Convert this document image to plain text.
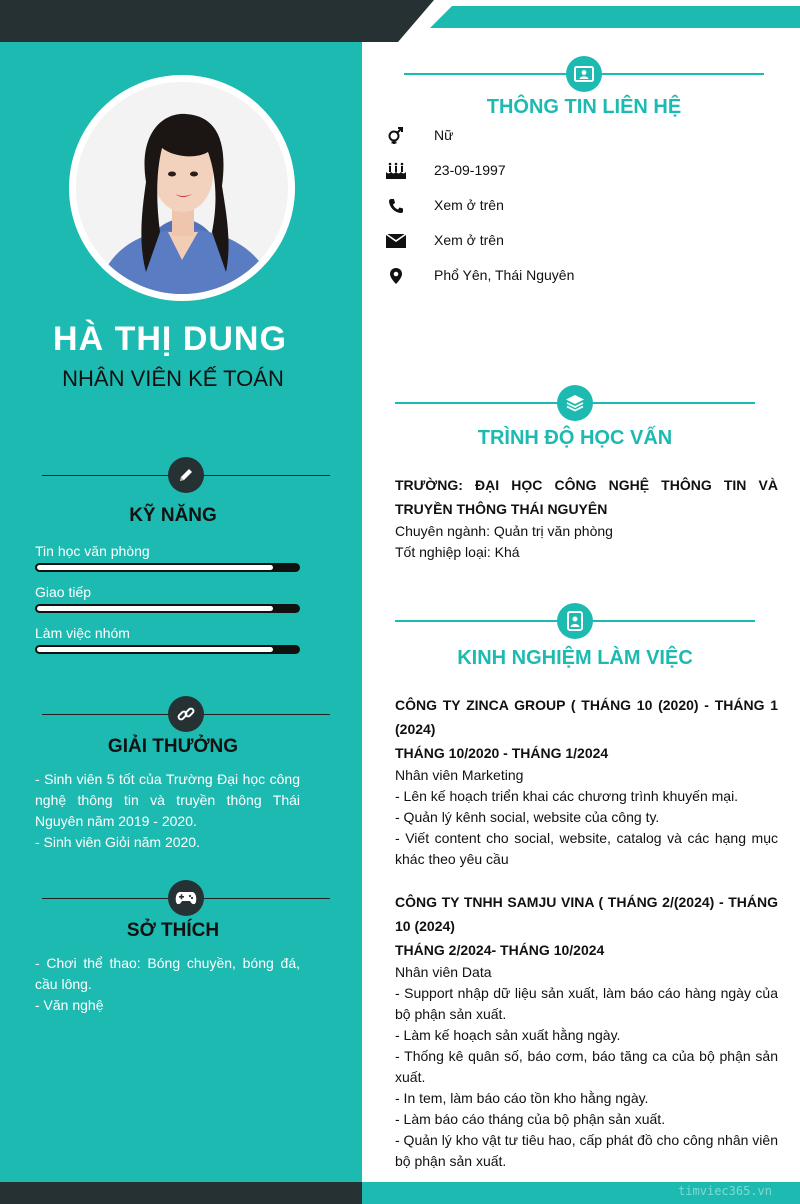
timviec365.vn
HÀ THỊ DUNG
NHÂN VIÊN KẾ TOÁN
KỸ NĂNG
Tin học văn phòng
Giao tiếp
Làm việc nhóm
GIẢI THƯỞNG

- Sinh viên 5 tốt của Trường Đại học công nghệ thông tin và truyền thông Thái Nguyên năm 2019 - 2020.

- Sinh viên Giỏi năm 2020.

SỞ THÍCH

- Chơi thể thao: Bóng chuyền, bóng đá, cầu lông.

- Văn nghệ

THÔNG TIN LIÊN HỆ
Nữ
23-09-1997
Xem ở trên
Xem ở trên
Phổ Yên, Thái Nguyên
TRÌNH ĐỘ HỌC VẤN
TRƯỜNG: ĐẠI HỌC CÔNG NGHỆ THÔNG TIN VÀ TRUYỀN THÔNG THÁI NGUYÊN

Chuyên ngành: Quản trị văn phòng

Tốt nghiệp loại: Khá

KINH NGHIỆM LÀM VIỆC
CÔNG TY ZINCA GROUP ( THÁNG 10 (2020) - THÁNG 1 (2024)
THÁNG 10/2020 - THÁNG 1/2024

Nhân viên Marketing

- Lên kế hoạch triển khai các chương trình khuyến mại.

- Quản lý kênh social, website của công ty.

- Viết content cho social, website, catalog và các hạng mục khác theo yêu cầu

CÔNG TY TNHH SAMJU VINA ( THÁNG 2/(2024) - THÁNG 10 (2024)
THÁNG 2/2024- THÁNG 10/2024

Nhân viên Data

- Support nhập dữ liệu sản xuất, làm báo cáo hàng ngày của bộ phận sản xuất.

- Làm kế hoạch sản xuất hằng ngày.

- Thống kê quân số, báo cơm, báo tăng ca của bộ phận sản xuất.

- In tem, làm báo cáo tồn kho hằng ngày.

- Làm báo cáo tháng của bộ phận sản xuất.

- Quản lý kho vật tư tiêu hao, cấp phát đồ cho công nhân viên bộ phận sản xuất.
